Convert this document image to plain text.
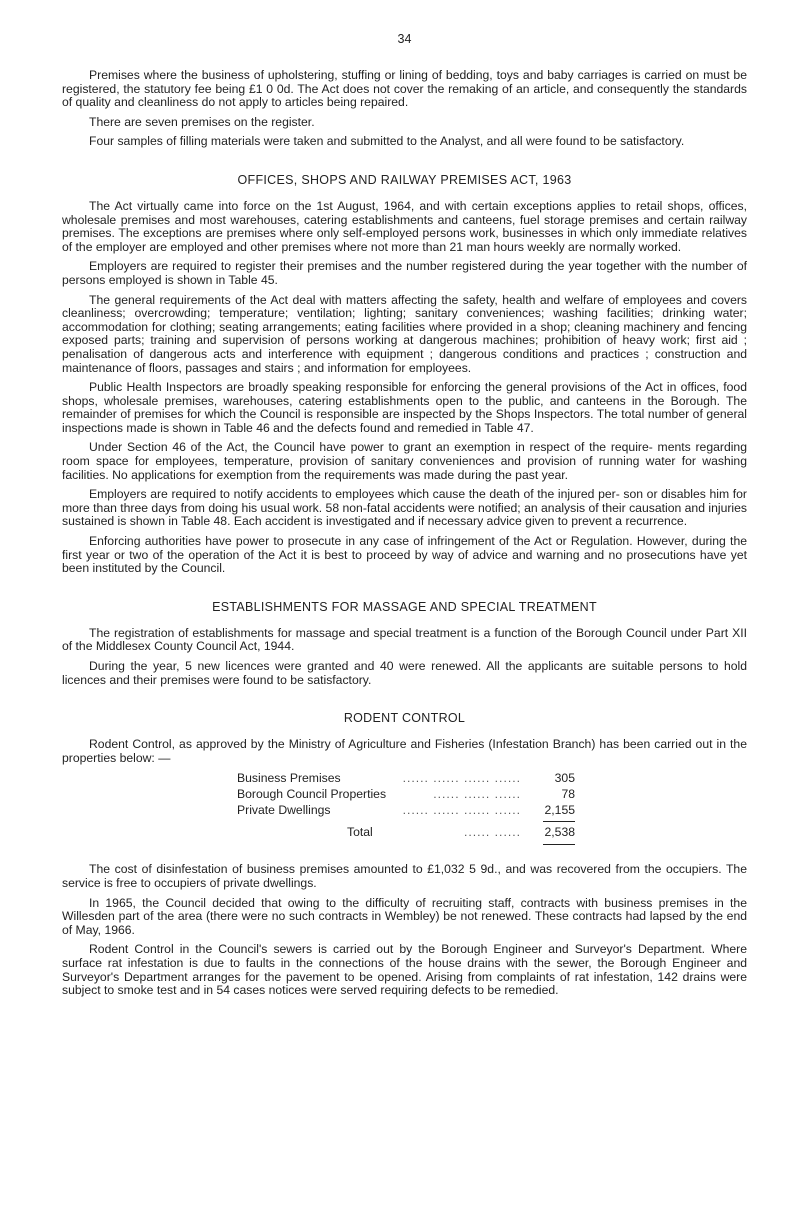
34

Premises where the business of upholstering, stuffing or lining of bedding, toys and baby carriages is carried on must be registered, the statutory fee being £1 0 0d. The Act does not cover the remaking of an article, and consequently the standards of quality and cleanliness do not apply to articles being repaired.

There are seven premises on the register.

Four samples of filling materials were taken and submitted to the Analyst, and all were found to be satisfactory.

OFFICES, SHOPS AND RAILWAY PREMISES ACT, 1963

The Act virtually came into force on the 1st August, 1964, and with certain exceptions applies to retail shops, offices, wholesale premises and most warehouses, catering establishments and canteens, fuel storage premises and certain railway premises. The exceptions are premises where only self-employed persons work, businesses in which only immediate relatives of the employer are employed and other premises where not more than 21 man hours weekly are normally worked.

Employers are required to register their premises and the number registered during the year together with the number of persons employed is shown in Table 45.

The general requirements of the Act deal with matters affecting the safety, health and welfare of employees and covers cleanliness; overcrowding; temperature; ventilation; lighting; sanitary conveniences; washing facilities; drinking water; accommodation for clothing; seating arrangements; eating facilities where provided in a shop; cleaning machinery and fencing exposed parts; training and supervision of persons working at dangerous machines; prohibition of heavy work; first aid ; penalisation of dangerous acts and interference with equipment ; dangerous conditions and practices ; construction and maintenance of floors, passages and stairs ; and information for employees.

Public Health Inspectors are broadly speaking responsible for enforcing the general provisions of the Act in offices, food shops, wholesale premises, warehouses, catering establishments open to the public, and canteens in the Borough. The remainder of premises for which the Council is responsible are inspected by the Shops Inspectors. The total number of general inspections made is shown in Table 46 and the defects found and remedied in Table 47.

Under Section 46 of the Act, the Council have power to grant an exemption in respect of the require- ments regarding room space for employees, temperature, provision of sanitary conveniences and provision of running water for washing facilities. No applications for exemption from the requirements was made during the past year.

Employers are required to notify accidents to employees which cause the death of the injured per- son or disables him for more than three days from doing his usual work. 58 non-fatal accidents were notified; an analysis of their causation and injuries sustained is shown in Table 48. Each accident is investigated and if necessary advice given to prevent a recurrence.

Enforcing authorities have power to prosecute in any case of infringement of the Act or Regulation. However, during the first year or two of the operation of the Act it is best to proceed by way of advice and warning and no prosecutions have yet been instituted by the Council.

ESTABLISHMENTS FOR MASSAGE AND SPECIAL TREATMENT

The registration of establishments for massage and special treatment is a function of the Borough Council under Part XII of the Middlesex County Council Act, 1944.

During the year, 5 new licences were granted and 40 were renewed. All the applicants are suitable persons to hold licences and their premises were found to be satisfactory.

RODENT CONTROL

Rodent Control, as approved by the Ministry of Agriculture and Fisheries (Infestation Branch) has been carried out in the properties below: —

Business Premises	...... ...... ...... ......	305
Borough Council Properties	...... ...... ......	78
Private Dwellings	...... ...... ...... ......	2,155
Total	...... ......	2,538

The cost of disinfestation of business premises amounted to £1,032 5 9d., and was recovered from the occupiers. The service is free to occupiers of private dwellings.

In 1965, the Council decided that owing to the difficulty of recruiting staff, contracts with business premises in the Willesden part of the area (there were no such contracts in Wembley) be not renewed. These contracts had lapsed by the end of May, 1966.

Rodent Control in the Council's sewers is carried out by the Borough Engineer and Surveyor's Department. Where surface rat infestation is due to faults in the connections of the house drains with the sewer, the Borough Engineer and Surveyor's Department arranges for the pavement to be opened. Arising from complaints of rat infestation, 142 drains were subject to smoke test and in 54 cases notices were served requiring defects to be remedied.
